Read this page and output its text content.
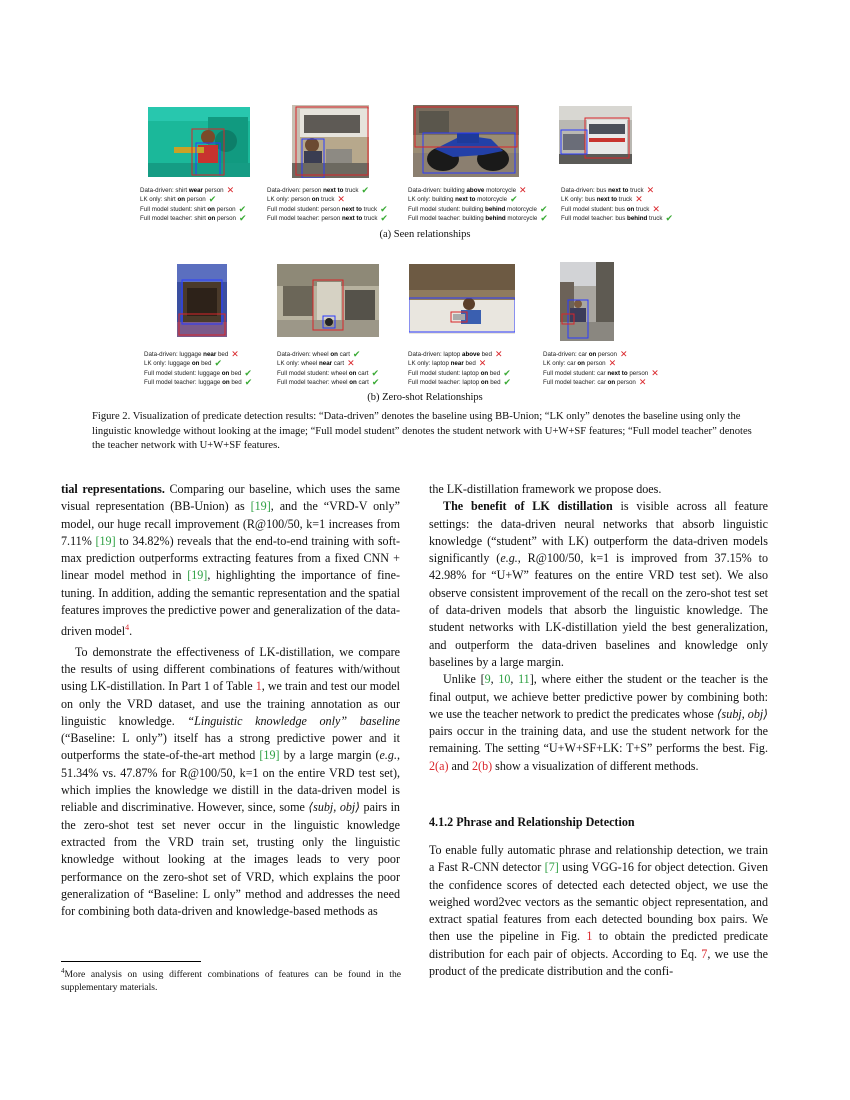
Data-driven: shirt wear person ✕
LK only: shirt on person ✔
Full model student: shirt on person ✔
Full model teacher: shirt on person ✔
Data-driven: person next to truck ✔
LK only: person on truck ✕
Full model student: person next to truck ✔
Full model teacher: person next to truck ✔
Data-driven: building above motorcycle ✕
LK only: building next to motorcycle ✔
Full model student: building behind motorcycle ✔
Full model teacher: building behind motorcycle ✔
Data-driven: bus next to truck ✕
LK only: bus next to truck ✕
Full model student: bus on truck ✕
Full model teacher: bus behind truck ✔
(a) Seen relationships
Data-driven: luggage near bed ✕
LK only: luggage on bed ✔
Full model student: luggage on bed ✔
Full model teacher: luggage on bed ✔
Data-driven: wheel on cart ✔
LK only: wheel near cart ✕
Full model student: wheel on cart ✔
Full model teacher: wheel on cart ✔
Data-driven: laptop above bed ✕
LK only: laptop near bed ✕
Full model student: laptop on bed ✔
Full model teacher: laptop on bed ✔
Data-driven: car on person ✕
LK only: car on person ✕
Full model student: car next to person ✕
Full model teacher: car on person ✕
(b) Zero-shot Relationships
Figure 2. Visualization of predicate detection results: “Data-driven” denotes the baseline using BB-Union; “LK only” denotes the baseline using only the linguistic knowledge without looking at the image; “Full model student” denotes the student network with U+W+SF features; “Full model teacher” denotes the teacher network with U+W+SF features.

tial representations. Comparing our baseline, which uses the same visual representation (BB-Union) as [19], and the “VRD-V only” model, our huge recall improvement (R@100/50, k=1 increases from 7.11% [19] to 34.82%) reveals that the end-to-end training with soft-max prediction outperforms extracting features from a fixed CNN + linear model method in [19], highlighting the importance of fine-tuning. In addition, adding the semantic representation and the spatial features improves the predictive power and generalization of the data-driven model$^4$.

To demonstrate the effectiveness of LK-distillation, we compare the results of using different combinations of features with/without using LK-distillation. In Part 1 of Table 1, we train and test our model on only the VRD dataset, and use the training annotation as our linguistic knowledge. “Linguistic knowledge only” baseline (“Baseline: L only”) itself has a strong predictive power and it outperforms the state-of-the-art method [19] by a large margin (e.g., 51.34% vs. 47.87% for R@100/50, k=1 on the entire VRD test set), which implies the knowledge we distill in the data-driven model is reliable and discriminative. However, since, some ⟨subj, obj⟩ pairs in the zero-shot test set never occur in the linguistic knowledge extracted from the VRD train set, trusting only the linguistic knowledge without looking at the images leads to very poor performance on the zero-shot set of VRD, which explains the poor generalization of “Baseline: L only” method and addresses the need for combining both data-driven and knowledge-based methods as

$^4$More analysis on using different combinations of features can be found in the supplementary materials.

the LK-distillation framework we propose does.

The benefit of LK distillation is visible across all feature settings: the data-driven neural networks that absorb linguistic knowledge (“student” with LK) outperform the data-driven models significantly (e.g., R@100/50, k=1 is improved from 37.15% to 42.98% for “U+W” features on the entire VRD test set). We also observe consistent improvement of the recall on the zero-shot test set of data-driven models that absorb the linguistic knowledge. The student networks with LK-distillation yield the best generalization, and outperform the data-driven baselines and knowledge only baselines by a large margin.

Unlike [9, 10, 11], where either the student or the teacher is the final output, we achieve better predictive power by combining both: we use the teacher network to predict the predicates whose ⟨subj, obj⟩ pairs occur in the training data, and use the student network for the remaining. The setting “U+W+SF+LK: T+S” performs the best. Fig. 2(a) and 2(b) show a visualization of different methods.

4.1.2 Phrase and Relationship Detection

To enable fully automatic phrase and relationship detection, we train a Fast R-CNN detector [7] using VGG-16 for object detection. Given the confidence scores of detected each detected object, we use the weighed word2vec vectors as the semantic object representation, and extract spatial features from each detected bounding box pairs. We then use the pipeline in Fig. 1 to obtain the predicted predicate distribution for each pair of objects. According to Eq. 7, we use the product of the predicate distribution and the confi-
